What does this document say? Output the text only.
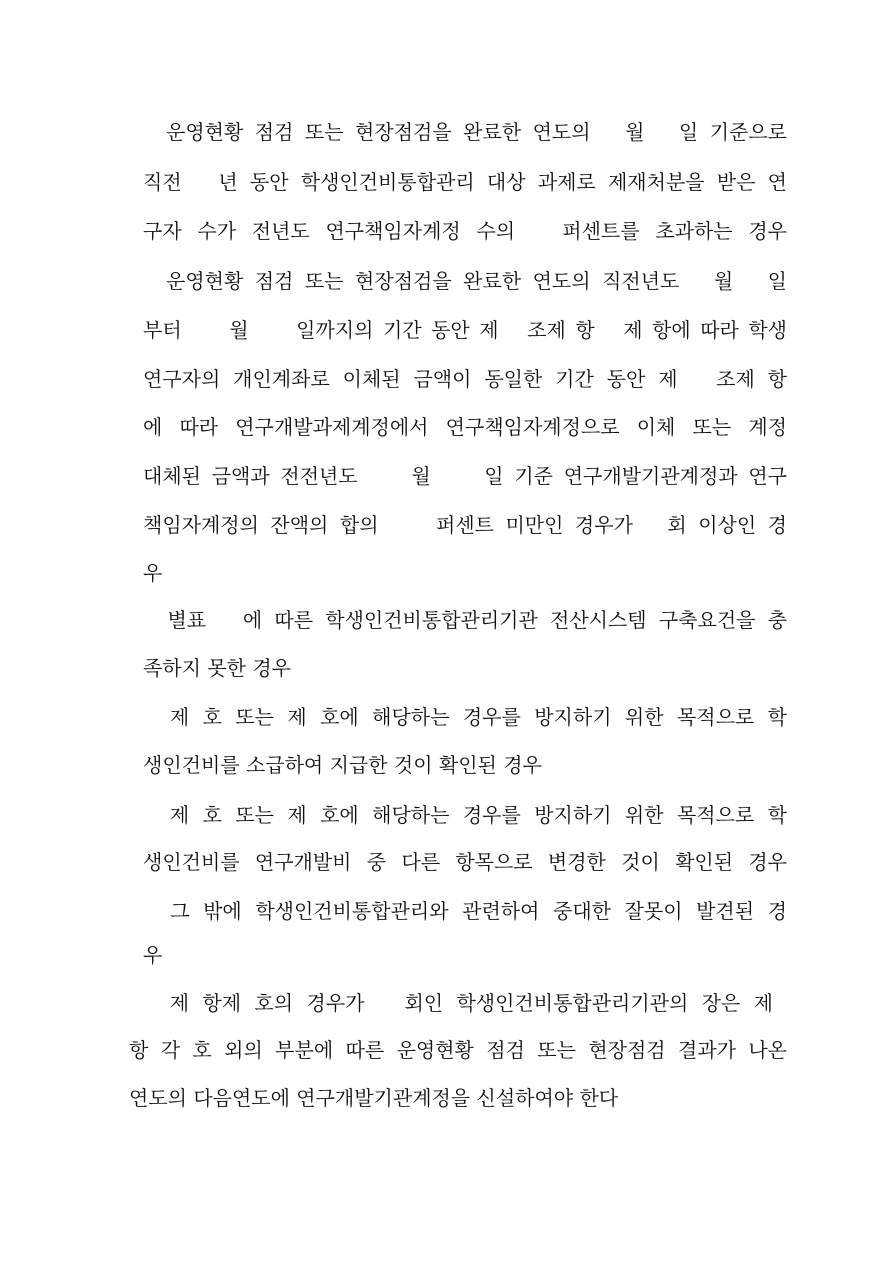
운영현황 점검 또는 현장점검을 완료한 연도의   월   일 기준으로
직전   년 동안 학생인건비통합관리 대상 과제로 제재처분을 받은 연
구자 수가 전년도 연구책임자계정 수의   퍼센트를 초과하는 경우
운영현황 점검 또는 현장점검을 완료한 연도의 직전년도   월   일
부터     월     일까지의 기간 동안 제   조제 항   제 항에 따라 학생
연구자의 개인계좌로 이체된 금액이 동일한 기간 동안 제   조제 항
에 따라 연구개발과제계정에서 연구책임자계정으로 이체 또는 계정
대체된 금액과 전전년도     월     일 기준 연구개발기관계정과 연구
책임자계정의 잔액의 합의     퍼센트 미만인 경우가   회 이상인 경
우
별표   에 따른 학생인건비통합관리기관 전산시스템 구축요건을 충
족하지 못한 경우
제 호 또는 제 호에 해당하는 경우를 방지하기 위한 목적으로 학
생인건비를 소급하여 지급한 것이 확인된 경우
제 호 또는 제 호에 해당하는 경우를 방지하기 위한 목적으로 학
생인건비를 연구개발비 중 다른 항목으로 변경한 것이 확인된 경우
그 밖에 학생인건비통합관리와 관련하여 중대한 잘못이 발견된 경
우
제 항제 호의 경우가   회인 학생인건비통합관리기관의 장은 제
항 각 호 외의 부분에 따른 운영현황 점검 또는 현장점검 결과가 나온
연도의 다음연도에 연구개발기관계정을 신설하여야 한다
